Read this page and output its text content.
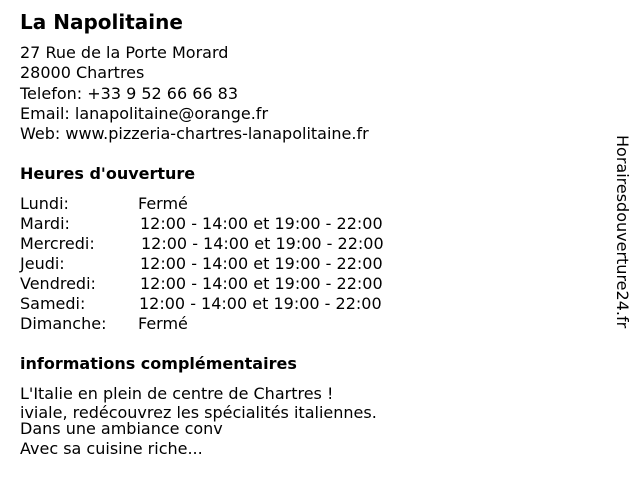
La Napolitaine
27 Rue de la Porte Morard
28000 Chartres
Telefon: +33 9 52 66 66 83
Email: lanapolitaine@orange.fr
Web: www.pizzeria-chartres-lanapolitaine.fr
Heures d'ouverture
Lundi:	Fermé
Mardi:	12:00 - 14:00 et 19:00 - 22:00
Mercredi:	12:00 - 14:00 et 19:00 - 22:00
Jeudi:	12:00 - 14:00 et 19:00 - 22:00
Vendredi:	12:00 - 14:00 et 19:00 - 22:00
Samedi:	12:00 - 14:00 et 19:00 - 22:00
Dimanche: Fermé
informations complémentaires
L'Italie en plein de centre de Chartres !
iviale, redécouvrez les spécialités italiennes.
Dans une ambiance conv
Avec sa cuisine riche...
Horairesdouverture24.fr
